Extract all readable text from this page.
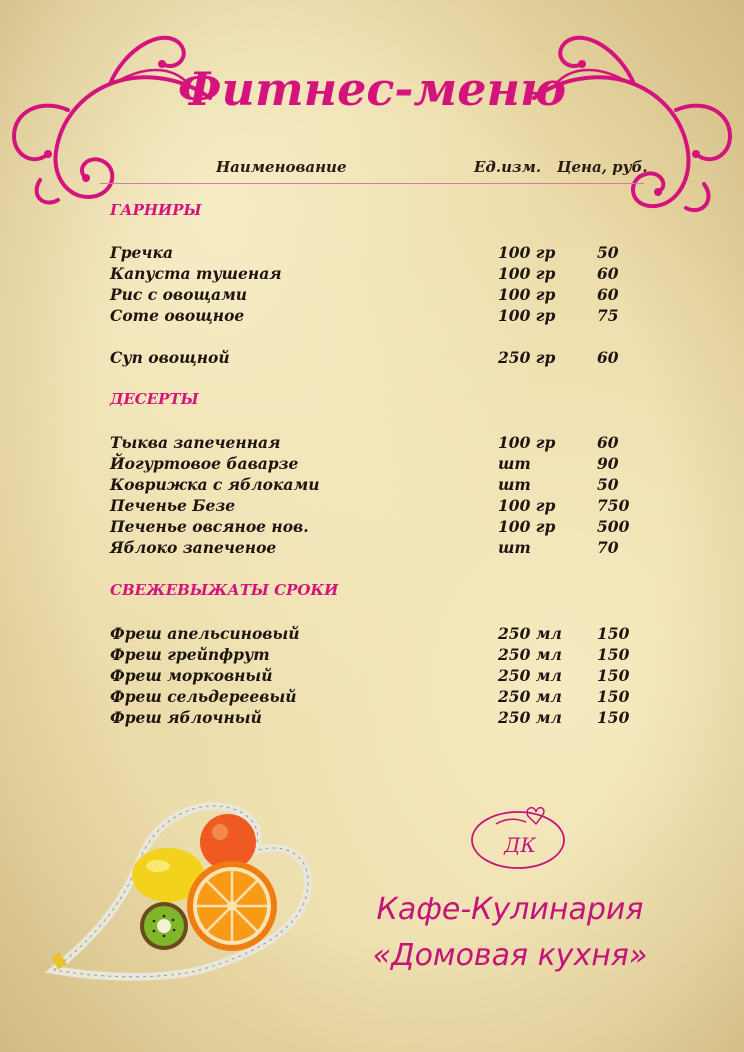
Фитнес-меню
Наименование	Ед.изм. Цена, руб.
ГАРНИРЫ
Гречка	100 гр	50
Капуста тушеная	100 гр	60
Рис с овощами	100 гр	60
Соте овощное	100 гр	75
Суп овощной	250 гр	60
ДЕСЕРТЫ
Тыква запеченная	100 гр	60
Йогуртовое баварзе	шт	90
Коврижка с яблоками	шт	50
Печенье Безе	100 гр	750
Печенье овсяное нов.	100 гр	500
Яблоко запеченое	шт	70
СВЕЖЕВЫЖАТЫ СРОКИ
Фреш апельсиновый	250 мл 150
Фреш грейпфрут	250 мл 150
Фреш морковный	250 мл 150
Фреш сельдереевый	250 мл 150
Фреш яблочный	250 мл 150
ДК
Кафе-Кулинария
«Домовая кухня»
